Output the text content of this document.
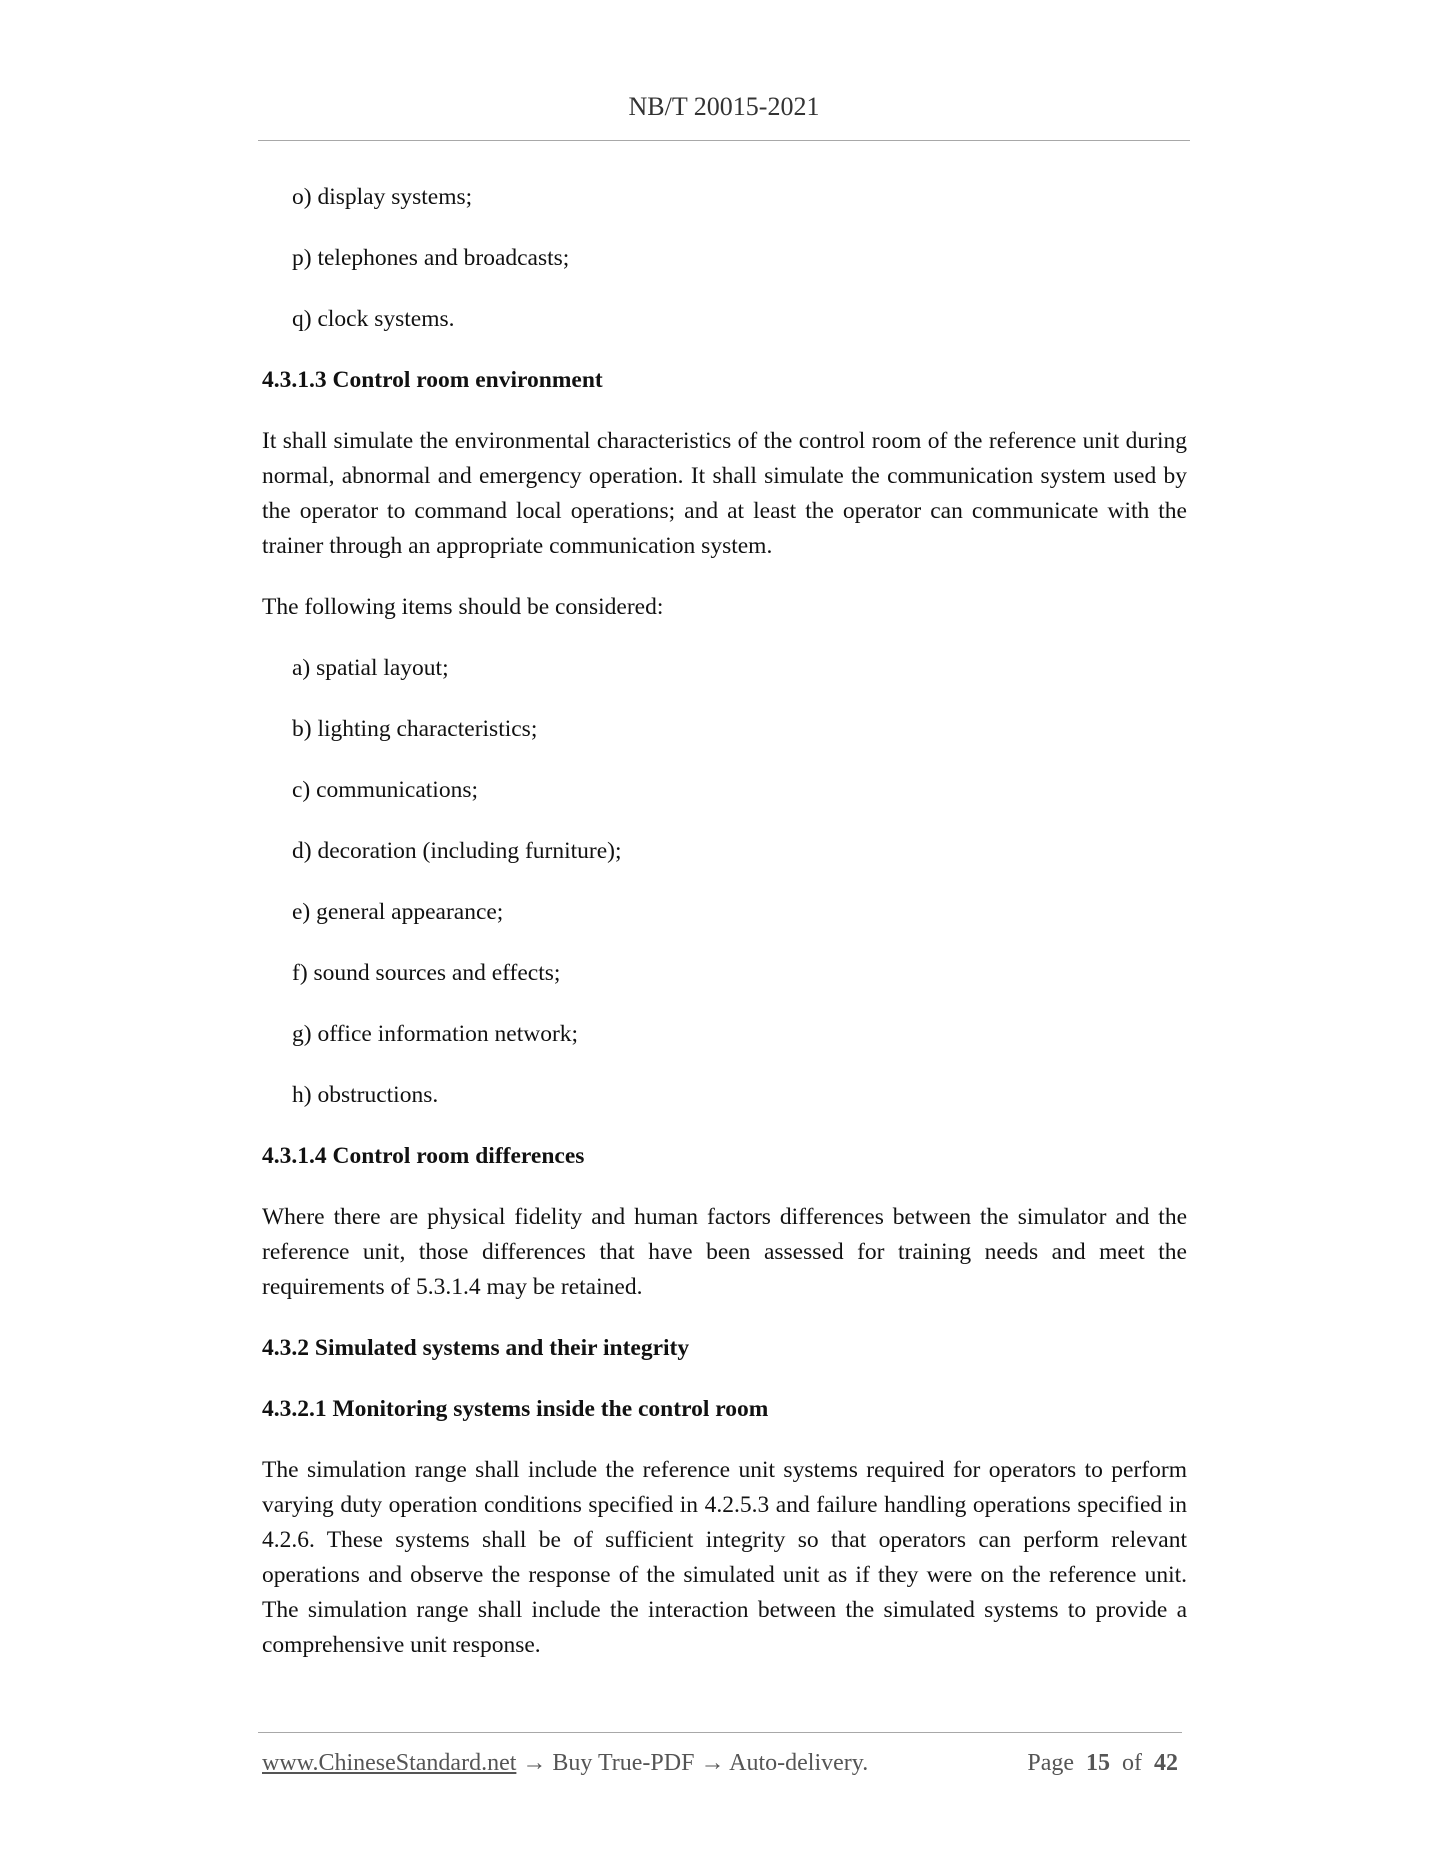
NB/T 20015-2021
o) display systems;
p) telephones and broadcasts;
q) clock systems.
4.3.1.3 Control room environment
It shall simulate the environmental characteristics of the control room of the reference unit during normal, abnormal and emergency operation. It shall simulate the communication system used by the operator to command local operations; and at least the operator can communicate with the trainer through an appropriate communication system.
The following items should be considered:
a) spatial layout;
b) lighting characteristics;
c) communications;
d) decoration (including furniture);
e) general appearance;
f) sound sources and effects;
g) office information network;
h) obstructions.
4.3.1.4 Control room differences
Where there are physical fidelity and human factors differences between the simulator and the reference unit, those differences that have been assessed for training needs and meet the requirements of 5.3.1.4 may be retained.
4.3.2 Simulated systems and their integrity
4.3.2.1 Monitoring systems inside the control room
The simulation range shall include the reference unit systems required for operators to perform varying duty operation conditions specified in 4.2.5.3 and failure handling operations specified in 4.2.6. These systems shall be of sufficient integrity so that operators can perform relevant operations and observe the response of the simulated unit as if they were on the reference unit. The simulation range shall include the interaction between the simulated systems to provide a comprehensive unit response.
www.ChineseStandard.net → Buy True-PDF → Auto-delivery.	Page 15 of 42
